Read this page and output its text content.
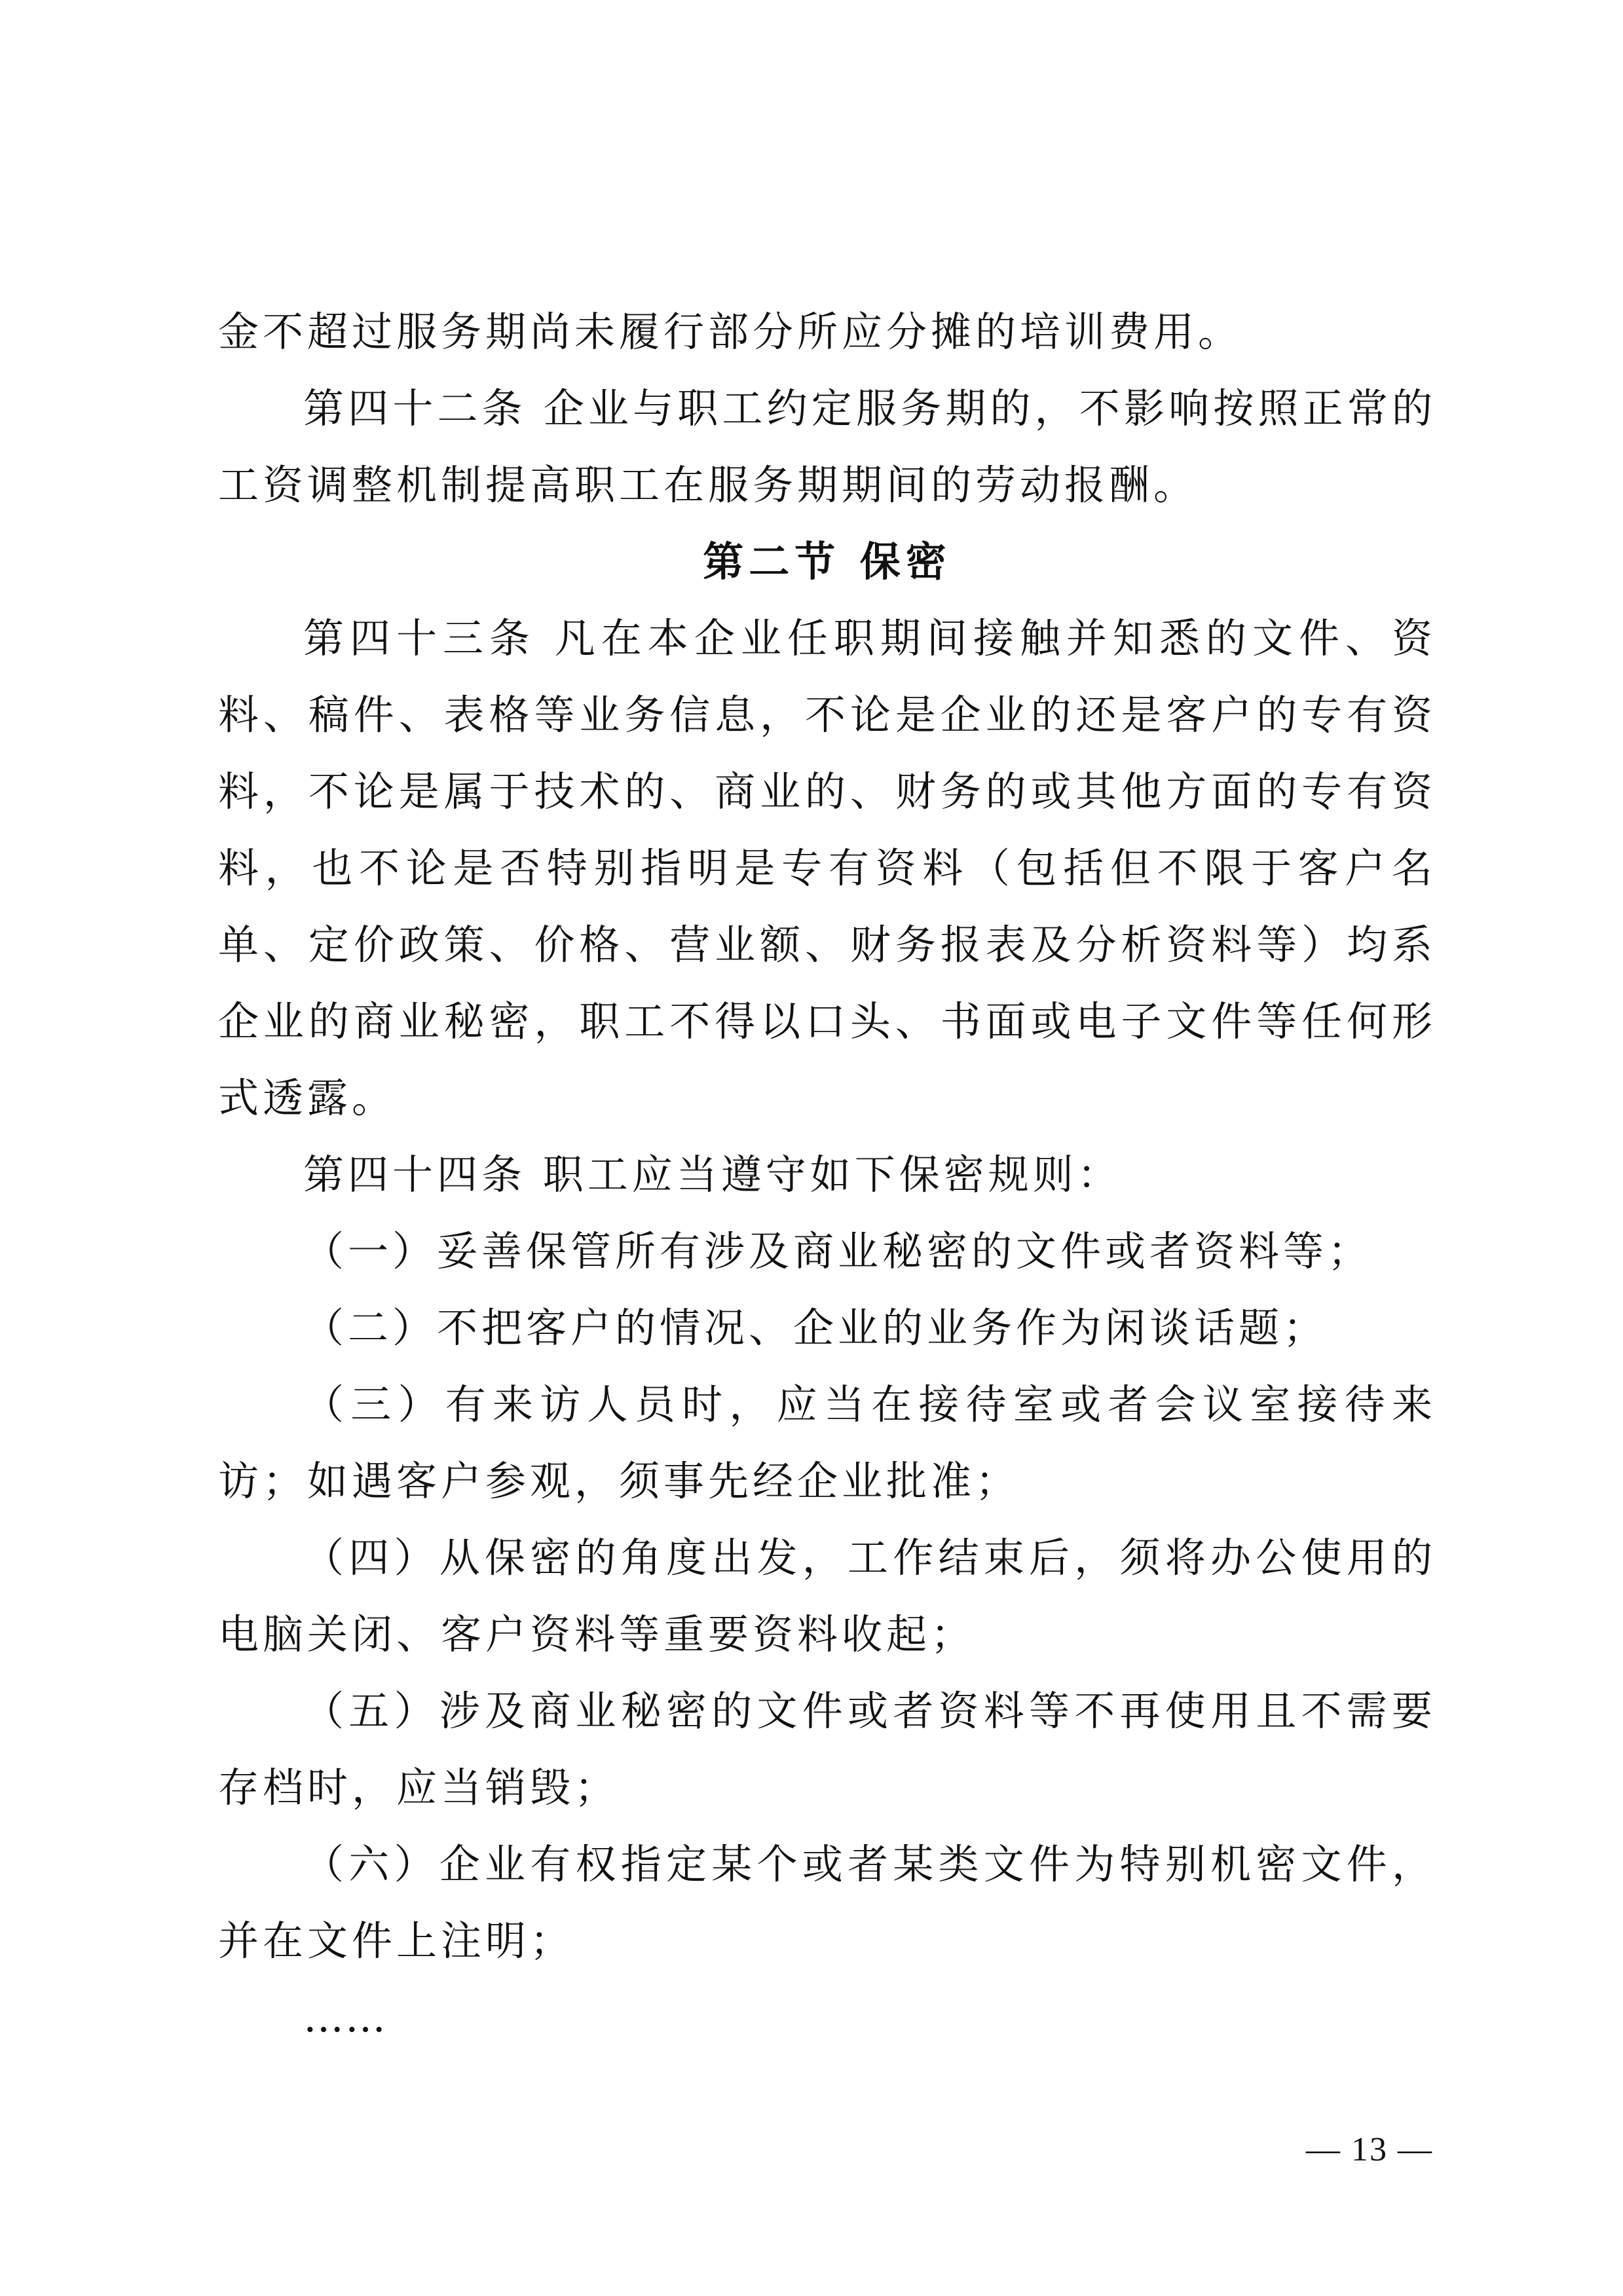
金不超过服务期尚未履行部分所应分摊的培训费用。

第四十二条 企业与职工约定服务期的，不影响按照正常的工资调整机制提高职工在服务期期间的劳动报酬。

第二节 保密

第四十三条 凡在本企业任职期间接触并知悉的文件、资料、稿件、表格等业务信息，不论是企业的还是客户的专有资料，不论是属于技术的、商业的、财务的或其他方面的专有资料，也不论是否特别指明是专有资料（包括但不限于客户名单、定价政策、价格、营业额、财务报表及分析资料等）均系企业的商业秘密，职工不得以口头、书面或电子文件等任何形式透露。

第四十四条 职工应当遵守如下保密规则：

（一）妥善保管所有涉及商业秘密的文件或者资料等；

（二）不把客户的情况、企业的业务作为闲谈话题；

（三）有来访人员时，应当在接待室或者会议室接待来访；如遇客户参观，须事先经企业批准；

（四）从保密的角度出发，工作结束后，须将办公使用的电脑关闭、客户资料等重要资料收起；

（五）涉及商业秘密的文件或者资料等不再使用且不需要存档时，应当销毁；

（六）企业有权指定某个或者某类文件为特别机密文件，并在文件上注明；

……

— 13 —
